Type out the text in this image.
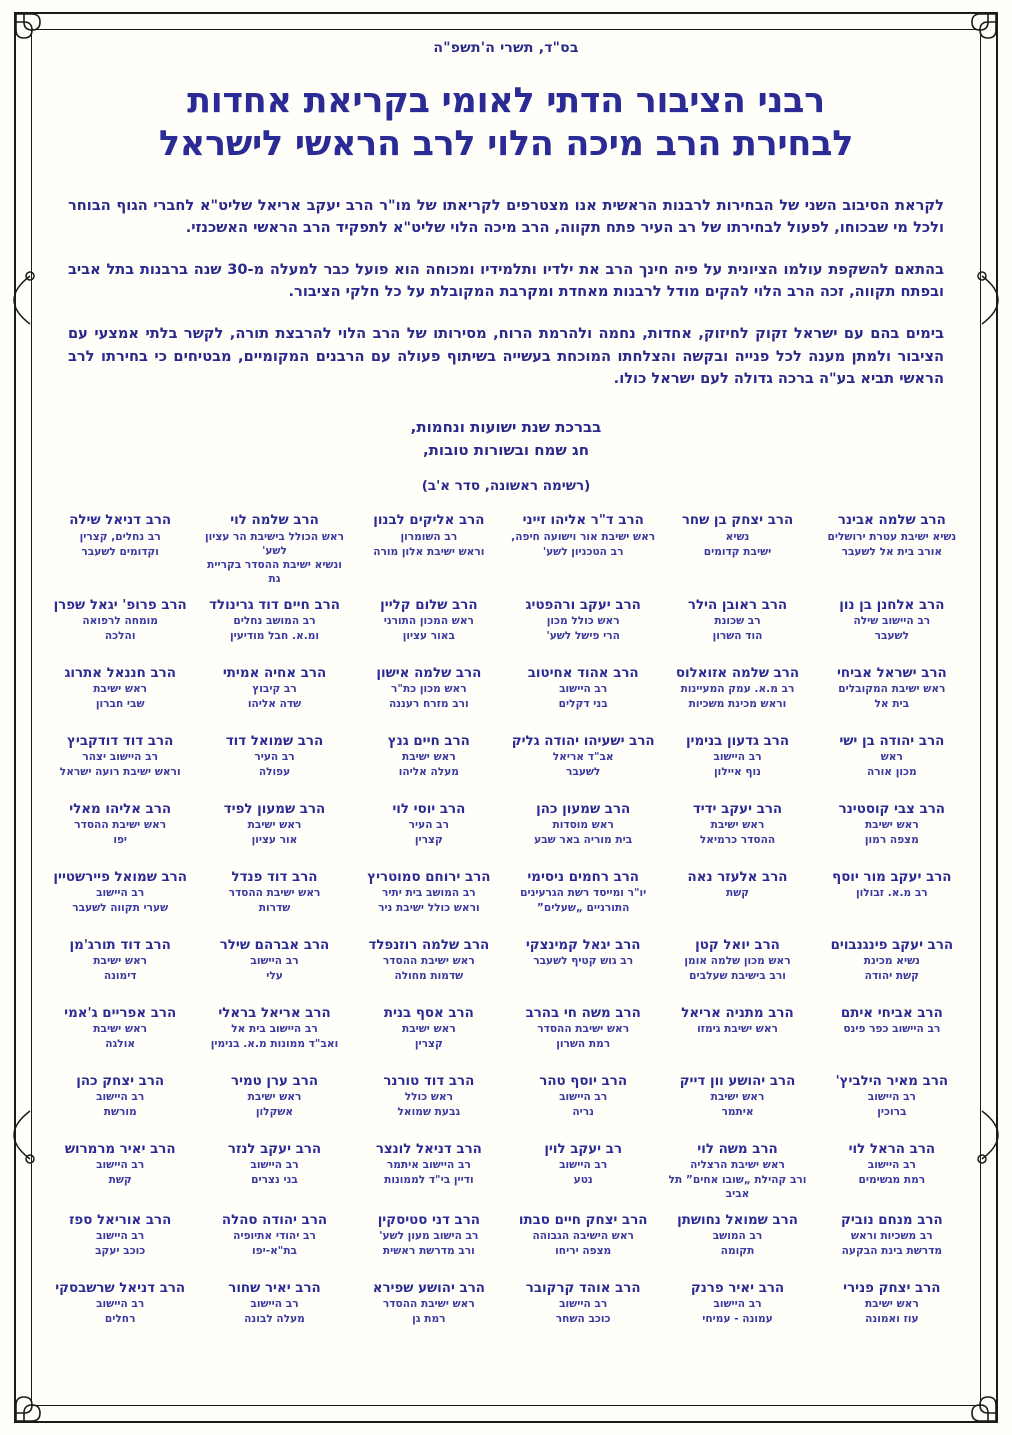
בס"ד, תשרי ה'תשפ"ה
רבני הציבור הדתי לאומי בקריאת אחדות
לבחירת הרב מיכה הלוי לרב הראשי לישראל

לקראת הסיבוב השני של הבחירות לרבנות הראשית אנו מצטרפים לקריאתו של מו"ר הרב יעקב אריאל שליט"א לחברי הגוף הבוחר ולכל מי שבכוחו, לפעול לבחירתו של רב העיר פתח תקווה, הרב מיכה הלוי שליט"א לתפקיד הרב הראשי האשכנזי.

בהתאם להשקפת עולמו הציונית על פיה חינך הרב את ילדיו ותלמידיו ומכוחה הוא פועל כבר למעלה מ-30 שנה ברבנות בתל אביב ובפתח תקווה, זכה הרב הלוי להקים מודל לרבנות מאחדת ומקרבת המקובלת על כל חלקי הציבור.

בימים בהם עם ישראל זקוק לחיזוק, אחדות, נחמה ולהרמת הרוח, מסירותו של הרב הלוי להרבצת תורה, לקשר בלתי אמצעי עם הציבור ולמתן מענה לכל פנייה ובקשה והצלחתו המוכחת בעשייה בשיתוף פעולה עם הרבנים המקומיים, מבטיחים כי בחירתו לרב הראשי תביא בע"ה ברכה גדולה לעם ישראל כולו.

בברכת שנת ישועות ונחמות,
חג שמח ובשורות טובות,
(רשימה ראשונה, סדר א'‏ב)
הרב שלמה אבינר
נשיא ישיבת עטרת ירושלים
אורב בית אל לשעבר
הרב יצחק בן שחר
נשיא
ישיבת קדומים
הרב ד"ר אליהו זייני
ראש ישיבת אור וישועה חיפה,
רב הטכניון לשע'
הרב אליקים לבנון
רב השומרון
וראש ישיבת אלון מורה
הרב שלמה לוי
ראש הכולל בישיבת הר עציון לשע'
ונשיא ישיבת ההסדר בקריית גת
הרב דניאל שילה
רב נחלים, קצרין
וקדומים לשעבר
הרב אלחנן בן נון
רב היישוב שילה
לשעבר
הרב ראובן הילר
רב שכונת
הוד השרון
הרב יעקב ורהפטיג
ראש כולל מכון
הרי פישל לשע'
הרב שלום קליין
ראש המכון התורני
באור עציון
הרב חיים דוד גרינולד
רב המושב נחלים
ומ.א. חבל מודיעין
הרב פרופ' יגאל שפרן
מומחה לרפואה
והלכה
הרב ישראל אביחי
ראש ישיבת המקובלים
בית אל
הרב שלמה אזואלוס
רב מ.א. עמק המעיינות
וראש מכינת משכיות
הרב אהוד אחיטוב
רב היישוב
בני דקלים
הרב שלמה אישון
ראש מכון כת"ר
ורב מזרח רעננה
הרב אחיה אמיתי
רב קיבוץ
שדה אליהו
הרב חננאל אתרוג
ראש ישיבת
שבי חברון
הרב יהודה בן ישי
ראש
מכון אורה
הרב גדעון בנימין
רב היישוב
נוף איילון
הרב ישעיהו יהודה גליק
אב"ד אריאל
לשעבר
הרב חיים גנץ
ראש ישיבת
מעלה אליהו
הרב שמואל דוד
רב העיר
עפולה
הרב דוד דודקביץ
רב היישוב יצהר
וראש ישיבת רועה ישראל
הרב צבי קוסטינר
ראש ישיבת
מצפה רמון
הרב יעקב ידיד
ראש ישיבת
ההסדר כרמיאל
הרב שמעון כהן
ראש מוסדות
בית מוריה באר שבע
הרב יוסי לוי
רב העיר
קצרין
הרב שמעון לפיד
ראש ישיבת
אור עציון
הרב אליהו מאלי
ראש ישיבת ההסדר
יפו
הרב יעקב מור יוסף
רב מ.א. זבולון
הרב אלעזר נאה
קשת
הרב רחמים ניסימי
יו"ר ומייסד רשת הגרעינים
התורניים „שעלים”
הרב ירוחם סמוטריץ
רב המושב בית יתיר
וראש כולל ישיבת ניר
הרב דוד פנדל
ראש ישיבת ההסדר
שדרות
הרב שמואל פיירשטיין
רב היישוב
שערי תקווה לשעבר
הרב יעקב פינגנבוים
נשיא מכינת
קשת יהודה
הרב יואל קטן
ראש מכון שלמה אומן
ורב בישיבת שעלבים
הרב יגאל קמינצקי
רב גוש קטיף לשעבר
הרב שלמה רוזנפלד
ראש ישיבת ההסדר
שדמות מחולה
הרב אברהם שילר
רב היישוב
עלי
הרב דוד תורג'מן
ראש ישיבת
דימונה
הרב אביחי איתם
רב היישוב כפר פינס
הרב מתניה אריאל
ראש ישיבת גימזו
הרב משה חי בהרב
ראש ישיבת ההסדר
רמת השרון
הרב אסף בנית
ראש ישיבת
קצרין
הרב אריאל בראלי
רב היישוב בית אל
ואב"ד ממונות מ.א. בנימין
הרב אפריים ג'אמי
ראש ישיבת
אולגה
הרב מאיר הילביץ'
רב היישוב
ברוכין
הרב יהושע וון דייק
ראש ישיבת
איתמר
הרב יוסף טהר
רב היישוב
נריה
הרב דוד טורנר
ראש כולל
גבעת שמואל
הרב ערן טמיר
ראש ישיבת
אשקלון
הרב יצחק כהן
רב היישוב
מורשת
הרב הראל לוי
רב היישוב
רמת מגשימים
הרב משה לוי
ראש ישיבת הרצליה
ורב קהילת „שובו אחים” תל אביב
רב יעקב לוין
רב היישוב
נטע
הרב דניאל לונצר
רב היישוב איתמר
ודיין בי"ד לממונות
הרב יעקב לנזר
רב היישוב
בני נצרים
הרב יאיר מרמרוש
רב היישוב
קשת
הרב מנחם נוביק
רב משכיות וראש
מדרשת בינת הבקעה
הרב שמואל נחושתן
רב המושב
תקומה
הרב יצחק חיים סבתו
ראש הישיבה הגבוהה
מצפה יריחו
הרב דני סטיסקין
רב הישוב מעון לשע'
ורב מדרשת ראשית
הרב יהודה סהלה
רב יהודי אתיופיה
בת"א-יפו
הרב אוריאל ספז
רב היישוב
כוכב יעקב
הרב יצחק פנירי
ראש ישיבת
עוז ואמונה
הרב יאיר פרנק
רב היישוב
עמונה - עמיחי
הרב אוהד קרקובר
רב היישוב
כוכב השחר
הרב יהושע שפירא
ראש ישיבת ההסדר
רמת גן
הרב יאיר שחור
רב היישוב
מעלה לבונה
הרב דניאל שרשבסקי
רב היישוב
רחלים
